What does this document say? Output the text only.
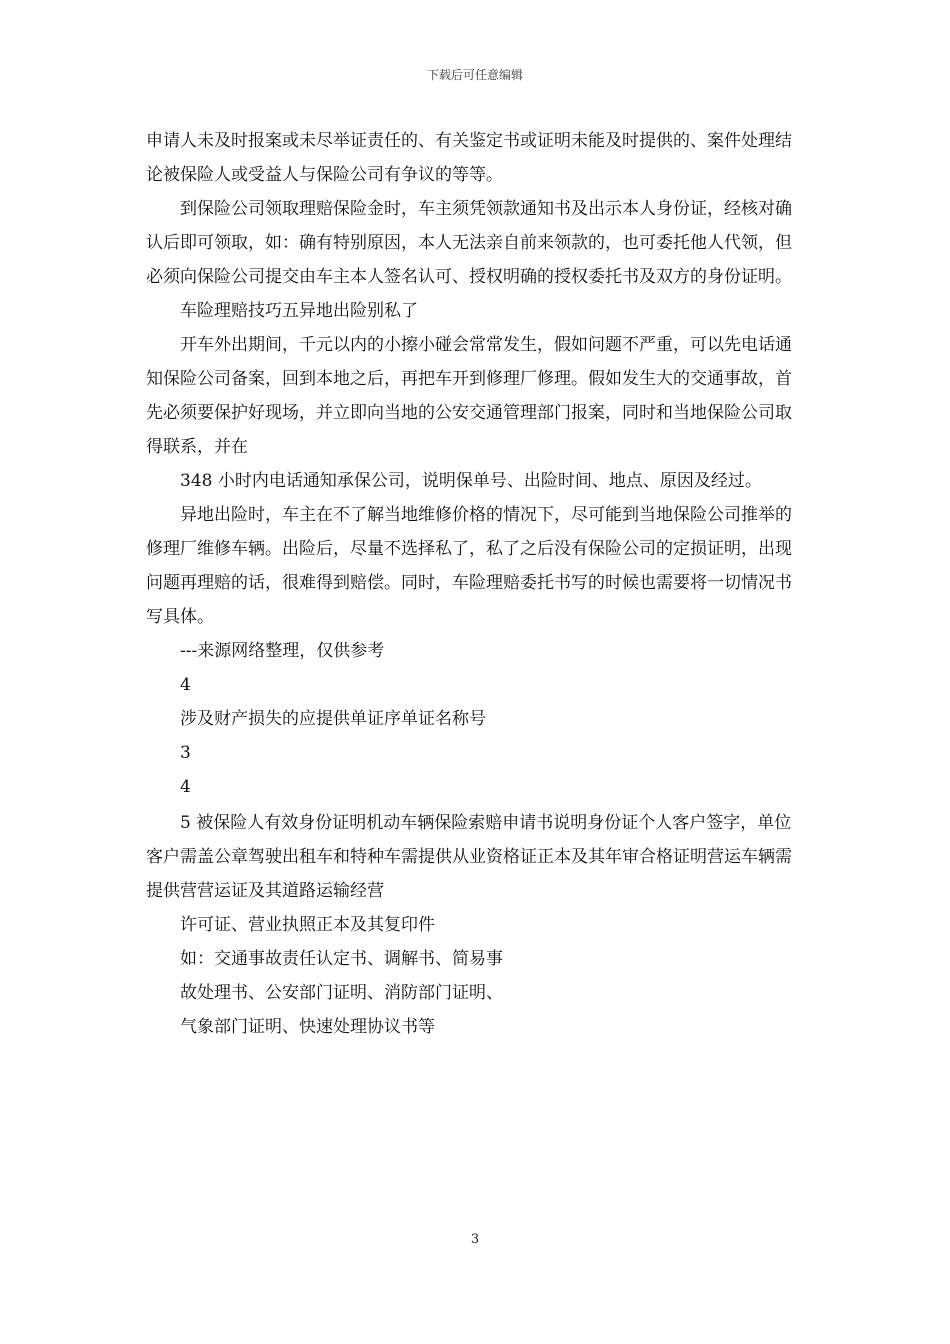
下载后可任意编辑

申请人未及时报案或未尽举证责任的、有关鉴定书或证明未能及时提供的、案件处理结论被保险人或受益人与保险公司有争议的等等。

到保险公司领取理赔保险金时，车主须凭领款通知书及出示本人身份证，经核对确认后即可领取，如：确有特别原因，本人无法亲自前来领款的，也可委托他人代领，但必须向保险公司提交由车主本人签名认可、授权明确的授权委托书及双方的身份证明。

车险理赔技巧五异地出险别私了

开车外出期间，千元以内的小擦小碰会常常发生，假如问题不严重，可以先电话通知保险公司备案，回到本地之后，再把车开到修理厂修理。假如发生大的交通事故，首先必须要保护好现场，并立即向当地的公安交通管理部门报案，同时和当地保险公司取得联系，并在

348 小时内电话通知承保公司，说明保单号、出险时间、地点、原因及经过。

异地出险时，车主在不了解当地维修价格的情况下，尽可能到当地保险公司推举的修理厂维修车辆。出险后，尽量不选择私了，私了之后没有保险公司的定损证明，出现问题再理赔的话，很难得到赔偿。同时，车险理赔委托书写的时候也需要将一切情况书写具体。

---来源网络整理，仅供参考

4

涉及财产损失的应提供单证序单证名称号

3

4

5 被保险人有效身份证明机动车辆保险索赔申请书说明身份证个人客户签字，单位客户需盖公章驾驶出租车和特种车需提供从业资格证正本及其年审合格证明营运车辆需提供营营运证及其道路运输经营

许可证、营业执照正本及其复印件

如：交通事故责任认定书、调解书、简易事

故处理书、公安部门证明、消防部门证明、

气象部门证明、快速处理协议书等

3
